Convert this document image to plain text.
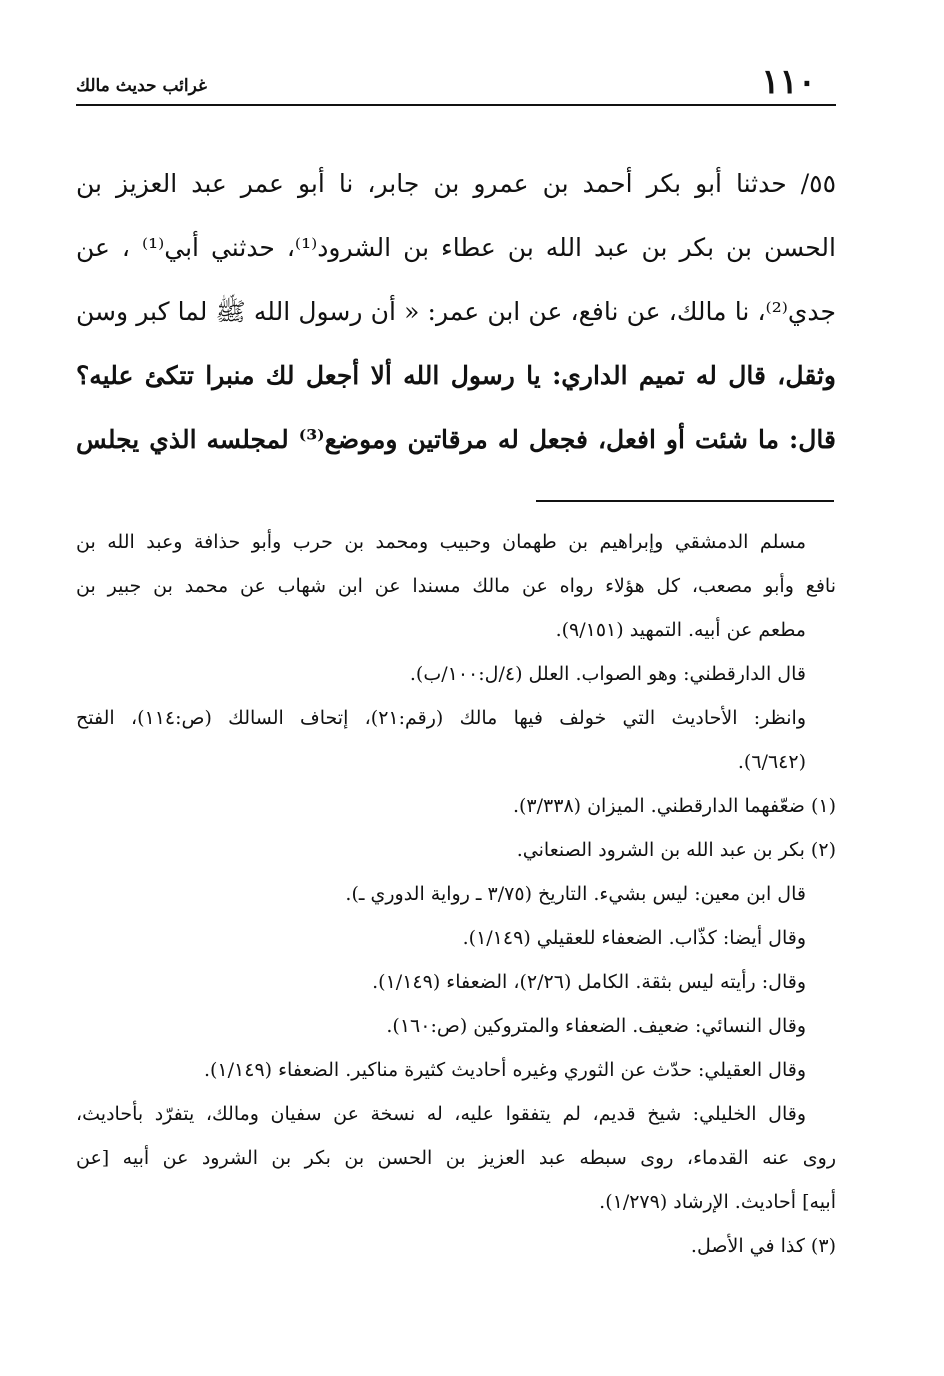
١١٠
غرائب حديث مالك
٥٥/ حدثنا أبو بكر أحمد بن عمرو بن جابر، نا أبو عمر عبد العزيز بن
الحسن بن بكر بن عبد الله بن عطاء بن الشرود⁽¹⁾، حدثني أبي⁽¹⁾ ، عن
جدي⁽²⁾، نا مالك، عن نافع، عن ابن عمر: « أن رسول الله ﷺ لما كبر وسن
وثقل، قال له تميم الداري: يا رسول الله ألا أجعل لك منبرا تتكئ عليه؟
قال: ما شئت أو افعل، فجعل له مرقاتين وموضع⁽³⁾ لمجلسه الذي يجلس
مسلم الدمشقي وإبراهيم بن طهمان وحبيب ومحمد بن حرب وأبو حذافة وعبد الله بن
نافع وأبو مصعب، كل هؤلاء رواه عن مالك مسندا عن ابن شهاب عن محمد بن جبير بن
مطعم عن أبيه. التمهيد (٩/١٥١).
قال الدارقطني: وهو الصواب. العلل (٤/ل:١٠٠/ب).
وانظر: الأحاديث التي خولف فيها مالك (رقم:٢١)، إتحاف السالك (ص:١١٤)، الفتح
(٦/٦٤٢).
(١) ضعّفهما الدارقطني. الميزان (٣/٣٣٨).
(٢) بكر بن عبد الله بن الشرود الصنعاني.
قال ابن معين: ليس بشيء. التاريخ (٣/٧٥ ـ رواية الدوري ـ).
وقال أيضا: كذّاب. الضعفاء للعقيلي (١/١٤٩).
وقال: رأيته ليس بثقة. الكامل (٢/٢٦)، الضعفاء (١/١٤٩).
وقال النسائي: ضعيف. الضعفاء والمتروكين (ص:١٦٠).
وقال العقيلي: حدّث عن الثوري وغيره أحاديث كثيرة مناكير. الضعفاء (١/١٤٩).
وقال الخليلي: شيخ قديم، لم يتفقوا عليه، له نسخة عن سفيان ومالك، يتفرّد بأحاديث،
روى عنه القدماء، روى سبطه عبد العزيز بن الحسن بن بكر بن الشرود عن أبيه [عن
أبيه] أحاديث. الإرشاد (١/٢٧٩).
(٣) كذا في الأصل.
